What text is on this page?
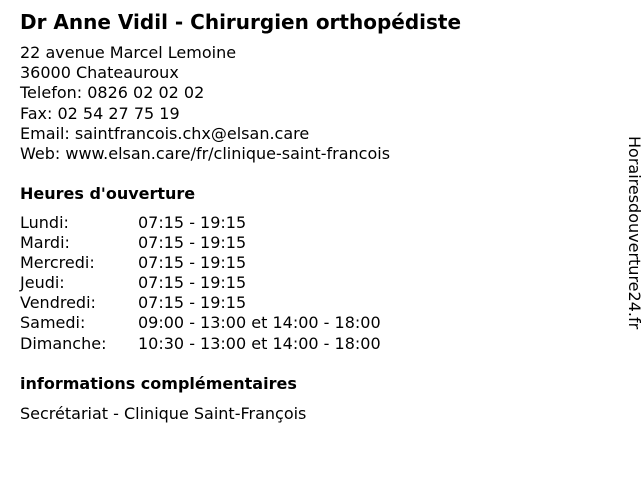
Dr Anne Vidil - Chirurgien orthopédiste
22 avenue Marcel Lemoine
36000 Chateauroux
Telefon: 0826 02 02 02
Fax: 02 54 27 75 19
Email: saintfrancois.chx@elsan.care
Web: www.elsan.care/fr/clinique-saint-francois
Heures d'ouverture
Lundi:	07:15 - 19:15
Mardi:	07:15 - 19:15
Mercredi:	07:15 - 19:15
Jeudi:	07:15 - 19:15
Vendredi:	07:15 - 19:15
Samedi:	09:00 - 13:00 et 14:00 - 18:00
Dimanche:	10:30 - 13:00 et 14:00 - 18:00
informations complémentaires
Secrétariat - Clinique Saint-François
Horairesdouverture24.fr
